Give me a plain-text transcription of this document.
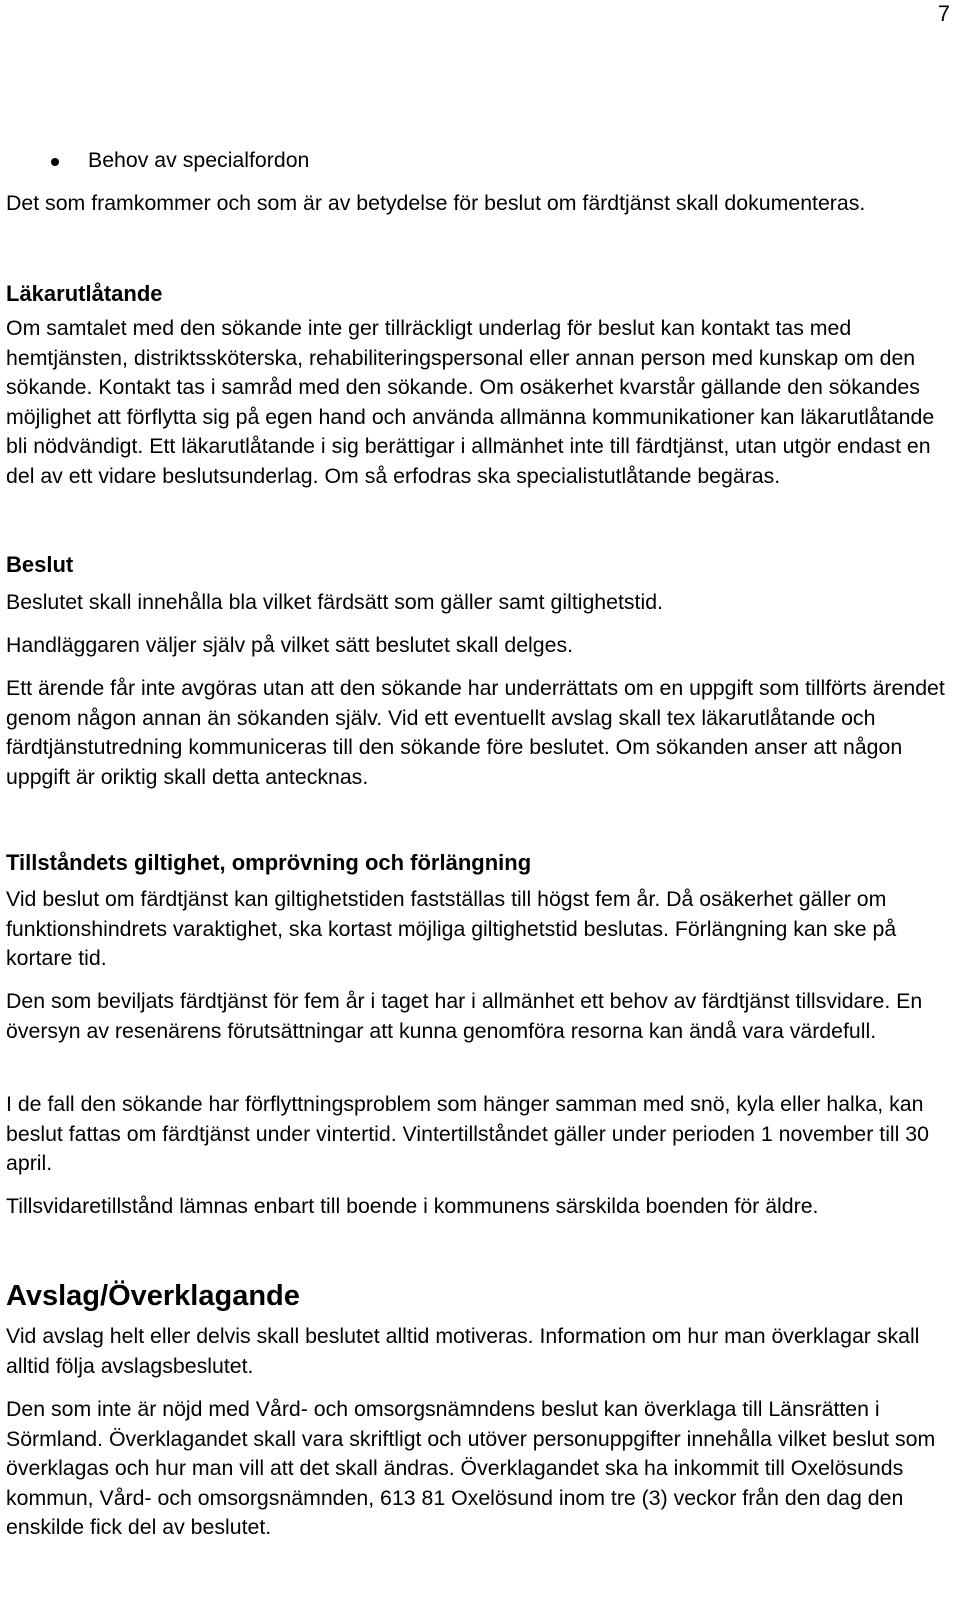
7
Behov av specialfordon

Det som framkommer och som är av betydelse för beslut om färdtjänst skall dokumenteras.

Läkarutlåtande

Om samtalet med den sökande inte ger tillräckligt underlag för beslut kan kontakt tas med hemtjänsten, distriktssköterska, rehabiliteringspersonal eller annan person med kunskap om den sökande. Kontakt tas i samråd med den sökande. Om osäkerhet kvarstår gällande den sökandes möjlighet att förflytta sig på egen hand och använda allmänna kommunikationer kan läkarutlåtande bli nödvändigt. Ett läkarutlåtande i sig berättigar i allmänhet inte till färdtjänst, utan utgör endast en del av ett vidare beslutsunderlag. Om så erfodras ska specialistutlåtande begäras.

Beslut

Beslutet skall innehålla bla vilket färdsätt som gäller samt giltighetstid.

Handläggaren väljer själv på vilket sätt beslutet skall delges.

Ett ärende får inte avgöras utan att den sökande har underrättats om en uppgift som tillförts ärendet genom någon annan än sökanden själv. Vid ett eventuellt avslag skall tex läkarutlåtande och färdtjänstutredning kommuniceras till den sökande före beslutet. Om sökanden anser att någon uppgift är oriktig skall detta antecknas.

Tillståndets giltighet, omprövning och förlängning

Vid beslut om färdtjänst kan giltighetstiden fastställas till högst fem år. Då osäkerhet gäller om funktionshindrets varaktighet, ska kortast möjliga giltighetstid beslutas. Förlängning kan ske på kortare tid.

Den som beviljats färdtjänst för fem år i taget har i allmänhet ett behov av färdtjänst tillsvidare. En översyn av resenärens förutsättningar att kunna genomföra resorna kan ändå vara värdefull.

I de fall den sökande har förflyttningsproblem som hänger samman med snö, kyla eller halka, kan beslut fattas om färdtjänst under vintertid. Vintertillståndet gäller under perioden 1 november till 30 april.

Tillsvidaretillstånd lämnas enbart till boende i kommunens särskilda boenden för äldre.

Avslag/Överklagande

Vid avslag helt eller delvis skall beslutet alltid motiveras. Information om hur man överklagar skall alltid följa avslagsbeslutet.

Den som inte är nöjd med Vård- och omsorgsnämndens beslut kan överklaga till Länsrätten i Sörmland. Överklagandet skall vara skriftligt och utöver personuppgifter innehålla vilket beslut som överklagas och hur man vill att det skall ändras. Överklagandet ska ha inkommit till Oxelösunds kommun, Vård- och omsorgsnämnden, 613 81 Oxelösund inom tre (3) veckor från den dag den enskilde fick del av beslutet.
